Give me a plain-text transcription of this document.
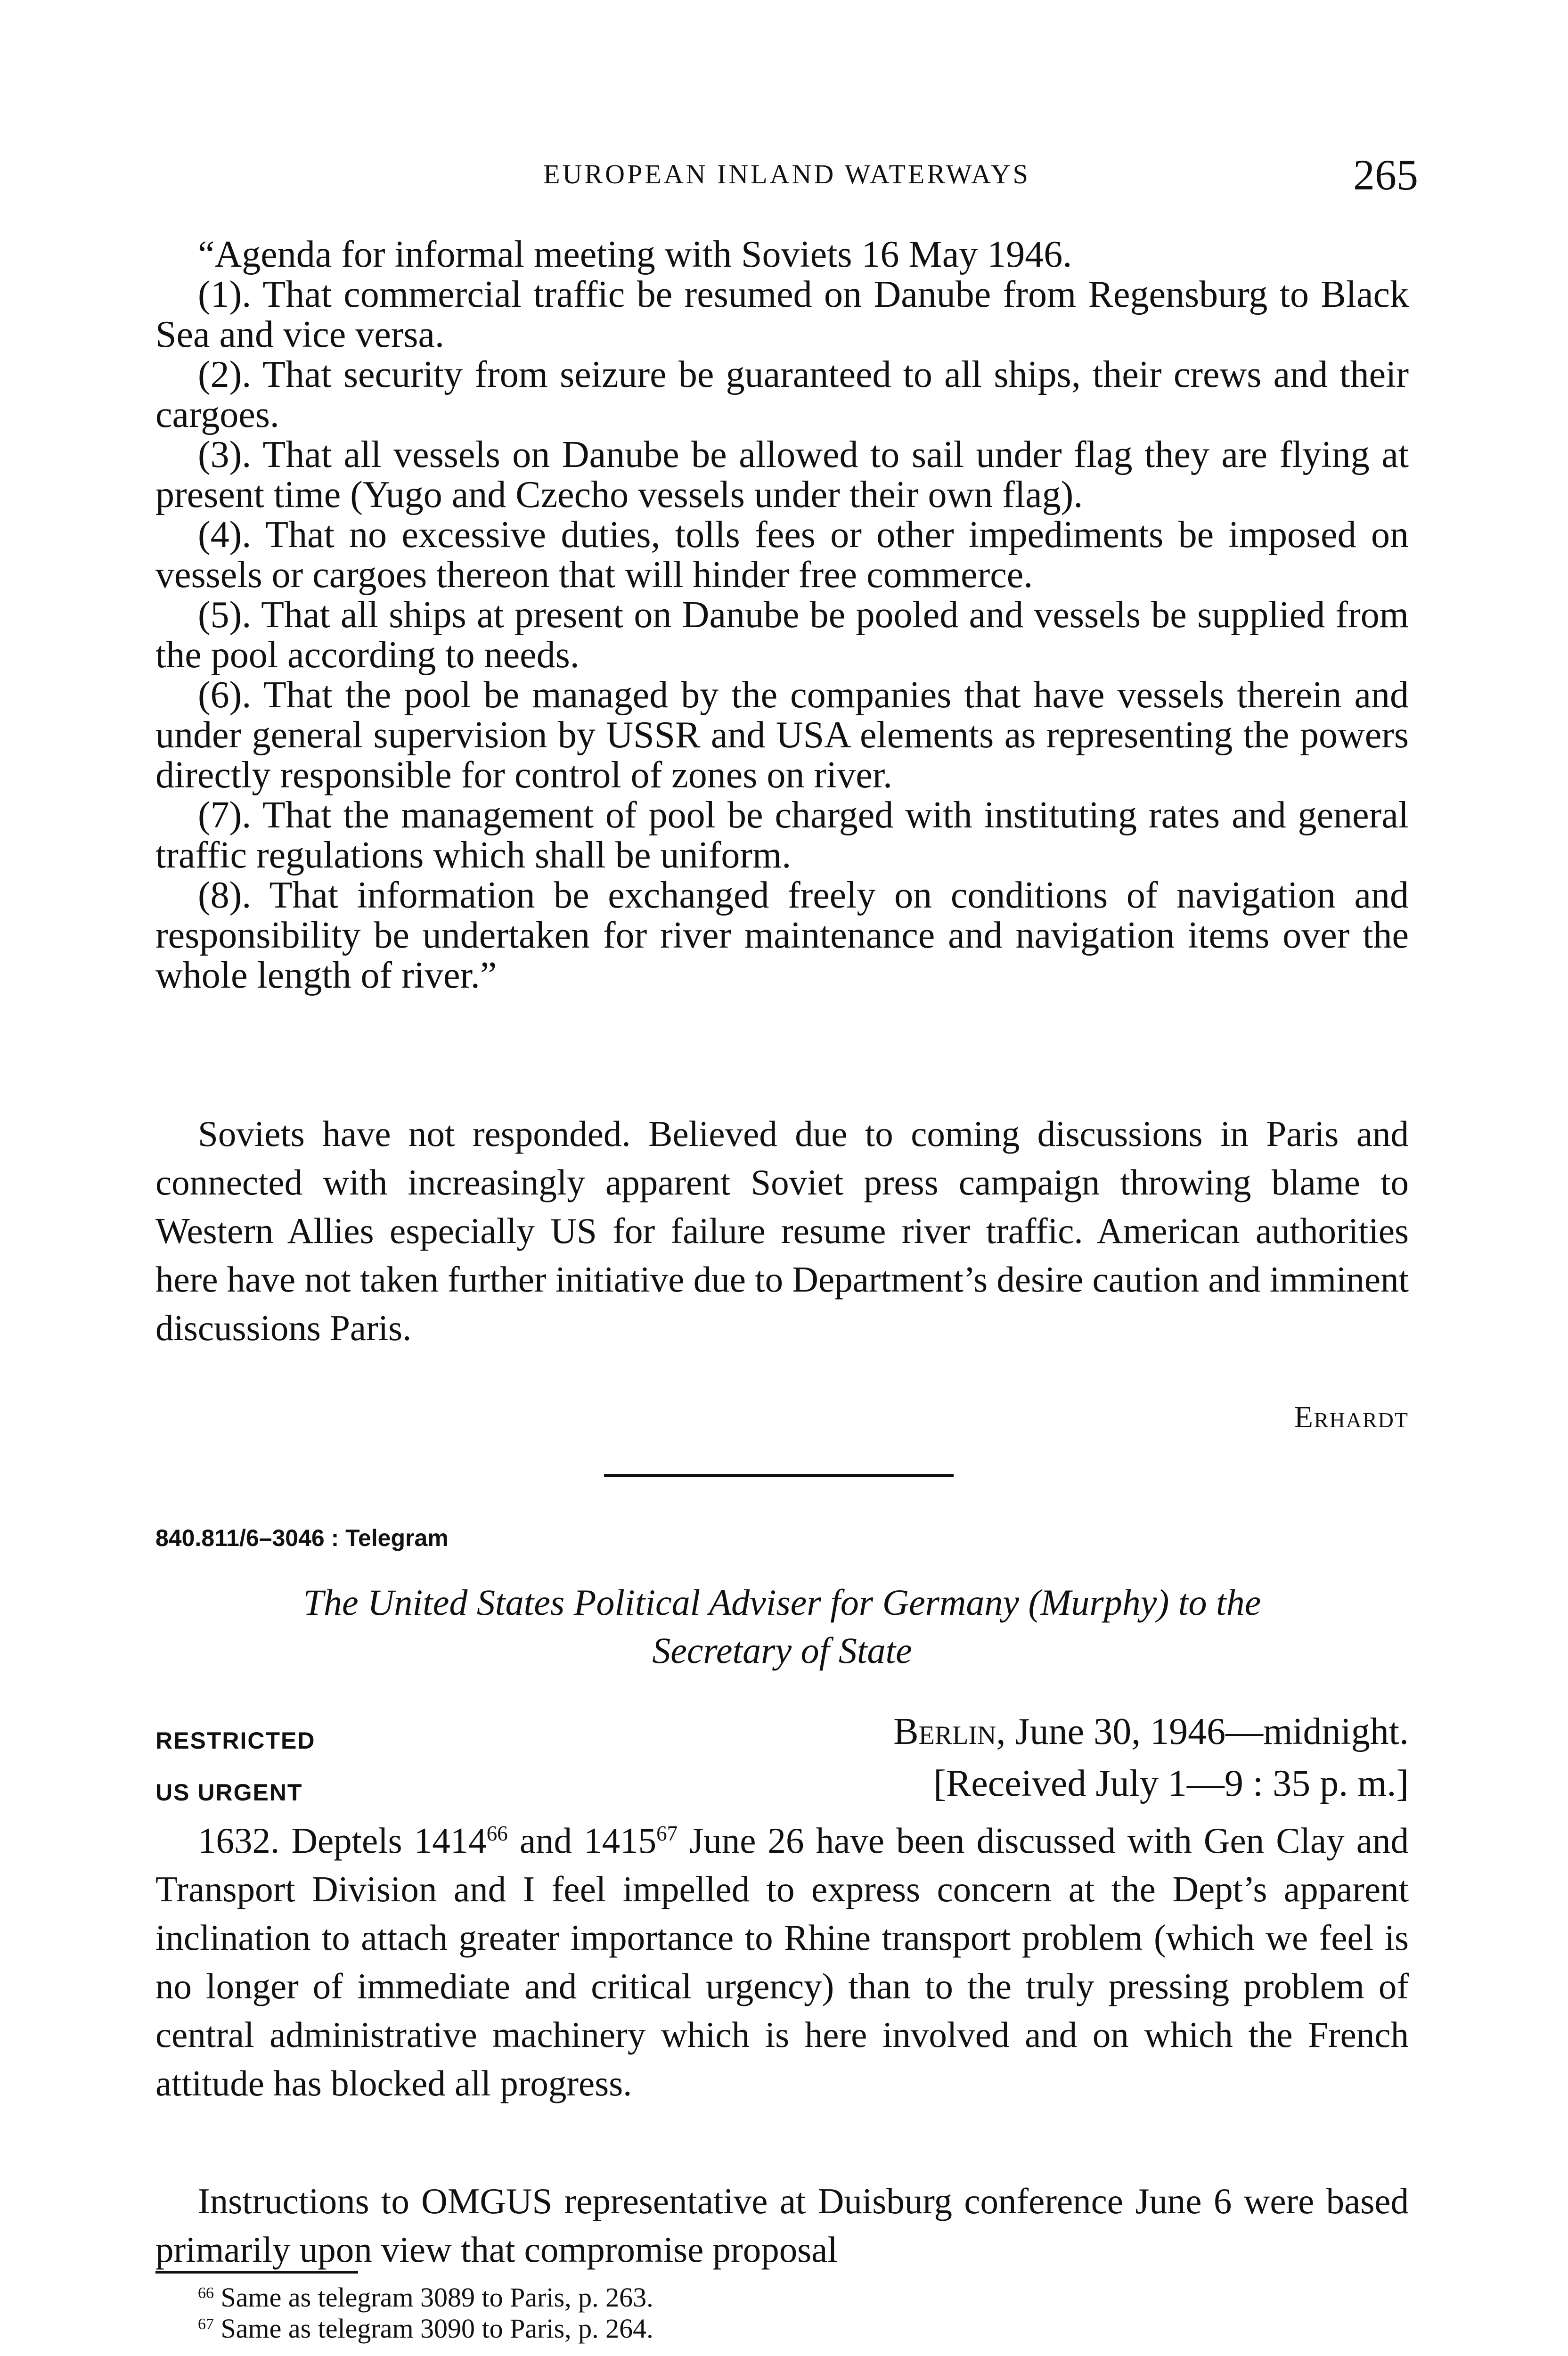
EUROPEAN INLAND WATERWAYS	265

“Agenda for informal meeting with Soviets 16 May 1946.

(1). That commercial traffic be resumed on Danube from Regensburg to Black Sea and vice versa.

(2). That security from seizure be guaranteed to all ships, their crews and their cargoes.

(3). That all vessels on Danube be allowed to sail under flag they are flying at present time (Yugo and Czecho vessels under their own flag).

(4). That no excessive duties, tolls fees or other impediments be imposed on vessels or cargoes thereon that will hinder free commerce.

(5). That all ships at present on Danube be pooled and vessels be supplied from the pool according to needs.

(6). That the pool be managed by the companies that have vessels therein and under general supervision by USSR and USA elements as representing the powers directly responsible for control of zones on river.

(7). That the management of pool be charged with instituting rates and general traffic regulations which shall be uniform.

(8). That information be exchanged freely on conditions of navigation and responsibility be undertaken for river maintenance and navigation items over the whole length of river.”

Soviets have not responded. Believed due to coming discussions in Paris and connected with increasingly apparent Soviet press campaign throwing blame to Western Allies especially US for failure resume river traffic. American authorities here have not taken further initiative due to Department’s desire caution and imminent discussions Paris.

Erhardt
840.811/6–3046 : Telegram
The United States Political Adviser for Germany (Murphy) to the
Secretary of State
RESTRICTED
US URGENT
Berlin, June 30, 1946—midnight.
[Received July 1—9 : 35 p. m.]

1632. Deptels 1414$^{66}$ and 1415$^{67}$ June 26 have been discussed with Gen Clay and Transport Division and I feel impelled to express concern at the Dept’s apparent inclination to attach greater importance to Rhine transport problem (which we feel is no longer of immediate and critical urgency) than to the truly pressing problem of central administrative machinery which is here involved and on which the French attitude has blocked all progress.

Instructions to OMGUS representative at Duisburg conference June 6 were based primarily upon view that compromise proposal

$^{66}$ Same as telegram 3089 to Paris, p. 263.
$^{67}$ Same as telegram 3090 to Paris, p. 264.
